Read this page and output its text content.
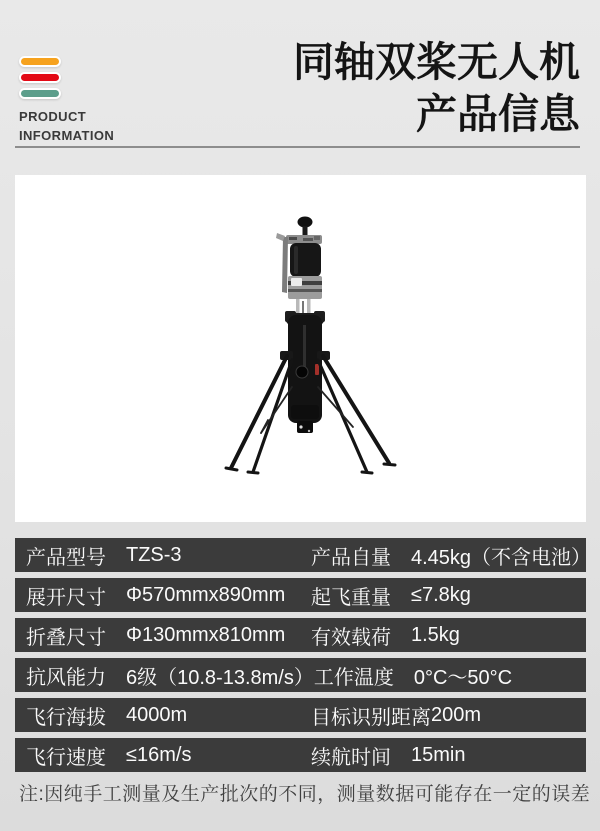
PRODUCT
INFORMATION
同轴双桨无人机
产品信息
产品型号	TZS-3	产品自量	4.45kg（不含电池）
展开尺寸	Φ570mmx890mm	起飞重量	≤7.8kg
折叠尺寸	Φ130mmx810mm	有效载荷	1.5kg
抗风能力	6级（10.8-13.8m/s） 工作温度	0°C～50°C
飞行海拔	4000m	目标识别距离 200m
飞行速度	≤16m/s	续航时间	15min
注:因纯手工测量及生产批次的不同，测量数据可能存在一定的误差
